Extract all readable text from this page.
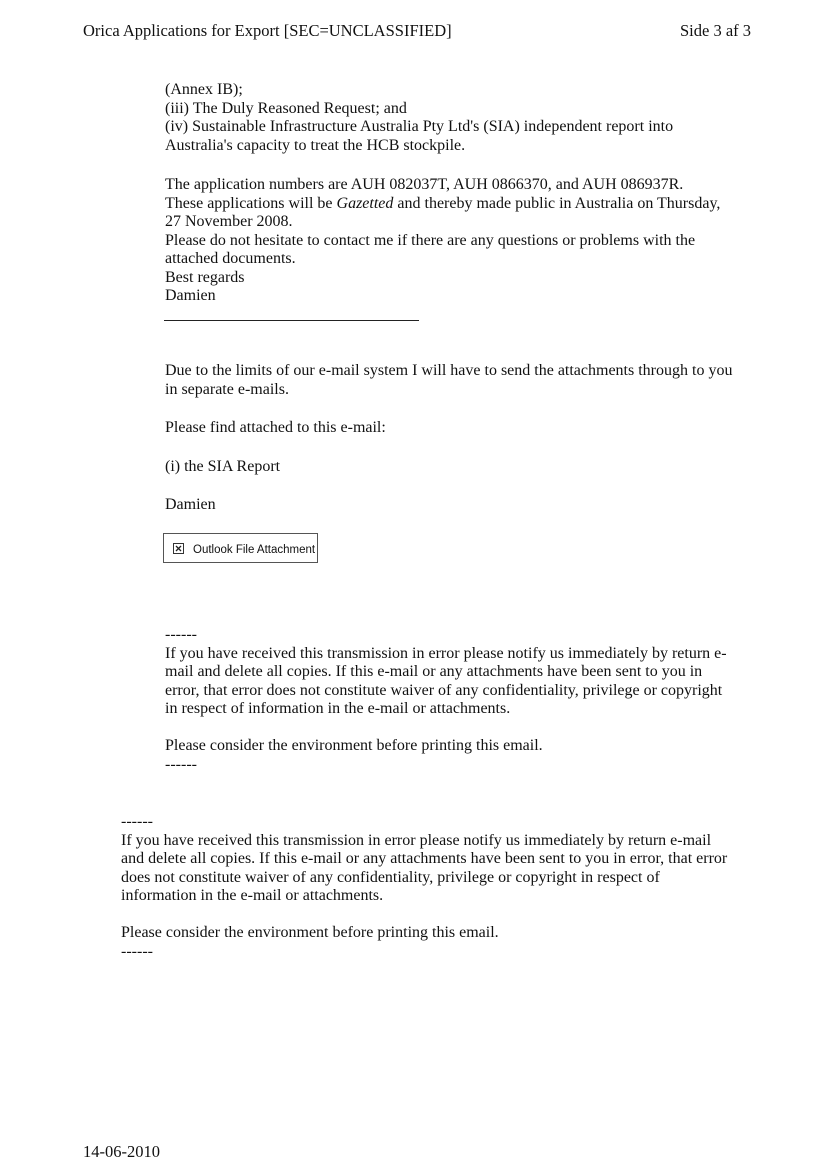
Orica Applications for Export [SEC=UNCLASSIFIED]	Side 3 af 3
(Annex IB);
(iii) The Duly Reasoned Request; and
(iv) Sustainable Infrastructure Australia Pty Ltd's (SIA) independent report into
Australia's capacity to treat the HCB stockpile.
The application numbers are AUH 082037T, AUH 0866370, and AUH 086937R.
These applications will be Gazetted and thereby made public in Australia on Thursday,
27 November 2008.
Please do not hesitate to contact me if there are any questions or problems with the
attached documents.
Best regards
Damien
Due to the limits of our e-mail system I will have to send the attachments through to you
in separate e-mails.
Please find attached to this e-mail:
(i) the SIA Report
Damien
Outlook File Attachment
------
If you have received this transmission in error please notify us immediately by return e-
mail and delete all copies. If this e-mail or any attachments have been sent to you in
error, that error does not constitute waiver of any confidentiality, privilege or copyright
in respect of information in the e-mail or attachments.
Please consider the environment before printing this email.
------
------
If you have received this transmission in error please notify us immediately by return e-mail
and delete all copies. If this e-mail or any attachments have been sent to you in error, that error
does not constitute waiver of any confidentiality, privilege or copyright in respect of
information in the e-mail or attachments.
Please consider the environment before printing this email.
------
14-06-2010
